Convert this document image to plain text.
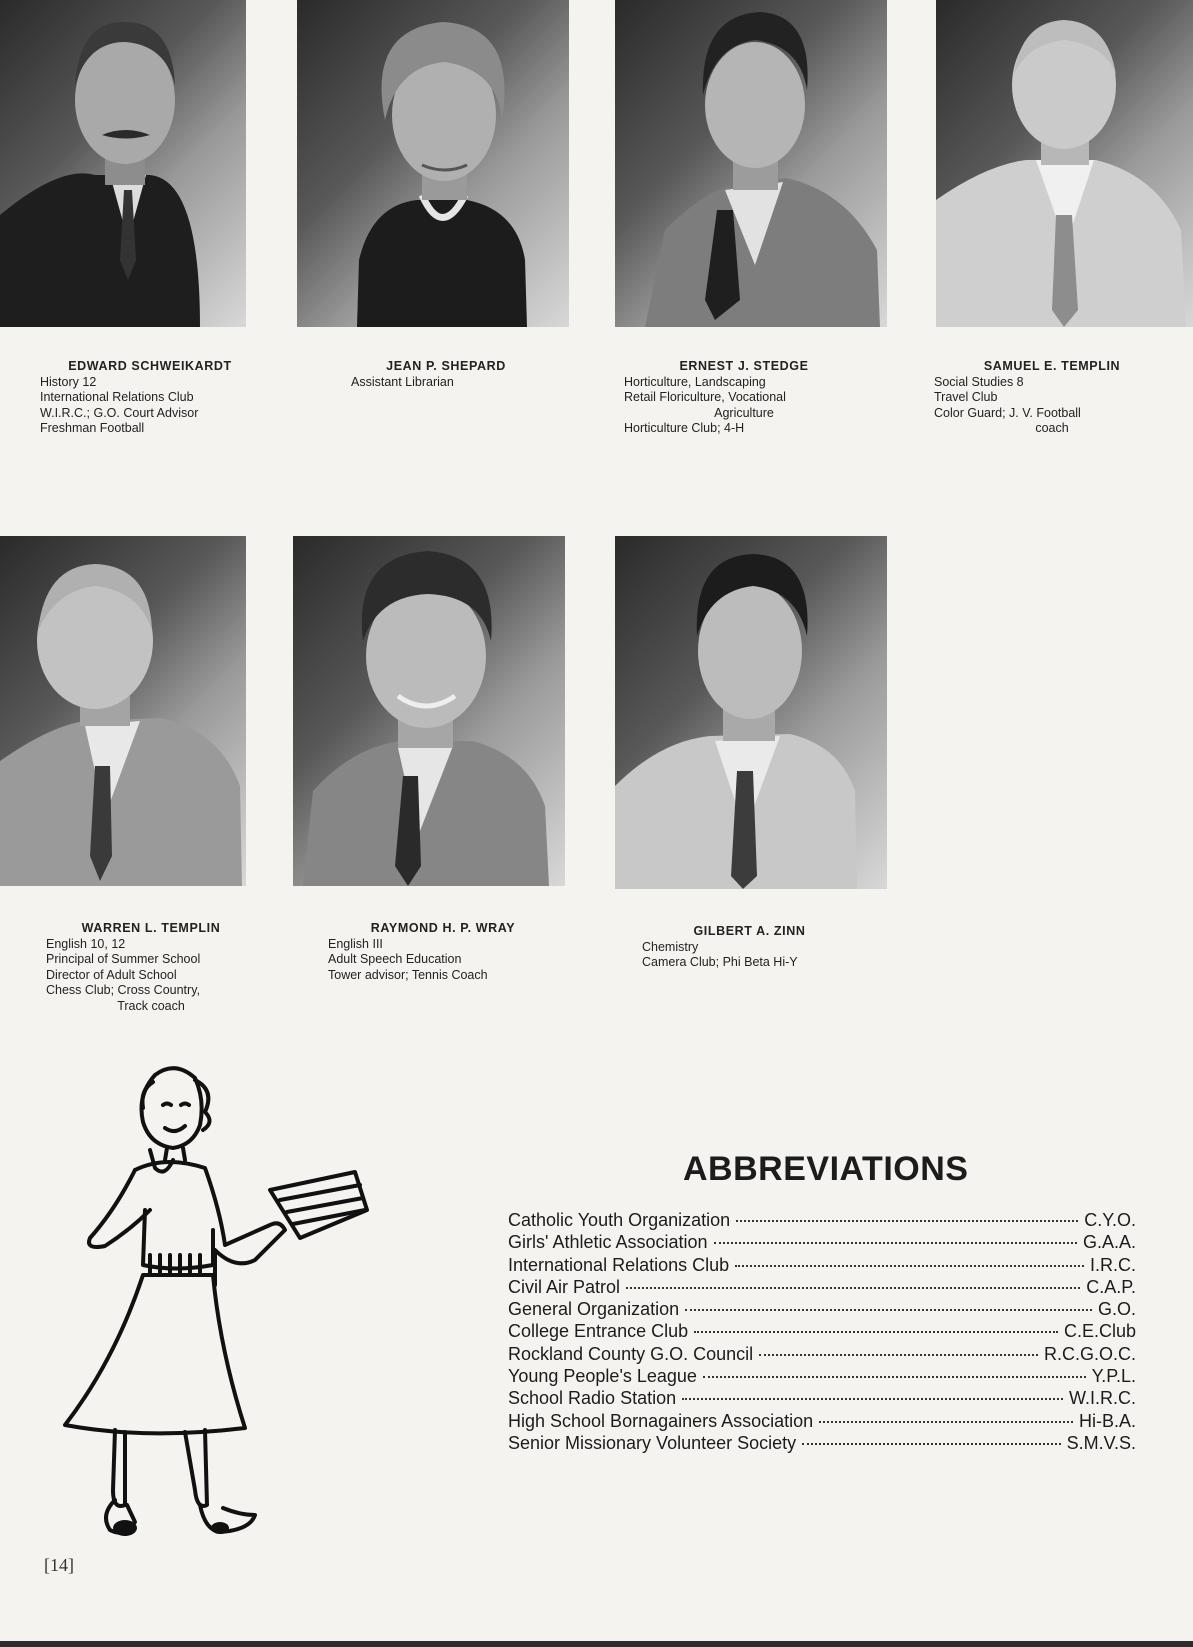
EDWARD SCHWEIKARDT
History 12
International Relations Club
W.I.R.C.; G.O. Court Advisor
Freshman Football
JEAN P. SHEPARD
Assistant Librarian
ERNEST J. STEDGE
Horticulture, Landscaping
Retail Floriculture, Vocational
Agriculture
Horticulture Club; 4-H
SAMUEL E. TEMPLIN
Social Studies 8
Travel Club
Color Guard; J. V. Football
coach
WARREN L. TEMPLIN
English 10, 12
Principal of Summer School
Director of Adult School
Chess Club; Cross Country,
Track coach
RAYMOND H. P. WRAY
English III
Adult Speech Education
Tower advisor; Tennis Coach
GILBERT A. ZINN
Chemistry
Camera Club; Phi Beta Hi-Y
ABBREVIATIONS
Catholic Youth Organization	C.Y.O.
Girls' Athletic Association	G.A.A.
International Relations Club	I.R.C.
Civil Air Patrol	C.A.P.
General Organization	G.O.
College Entrance Club	C.E.Club
Rockland County G.O. Council	R.C.G.O.C.
Young People's League	Y.P.L.
School Radio Station	W.I.R.C.
High School Bornagainers Association	Hi-B.A.
Senior Missionary Volunteer Society	S.M.V.S.
[14]
